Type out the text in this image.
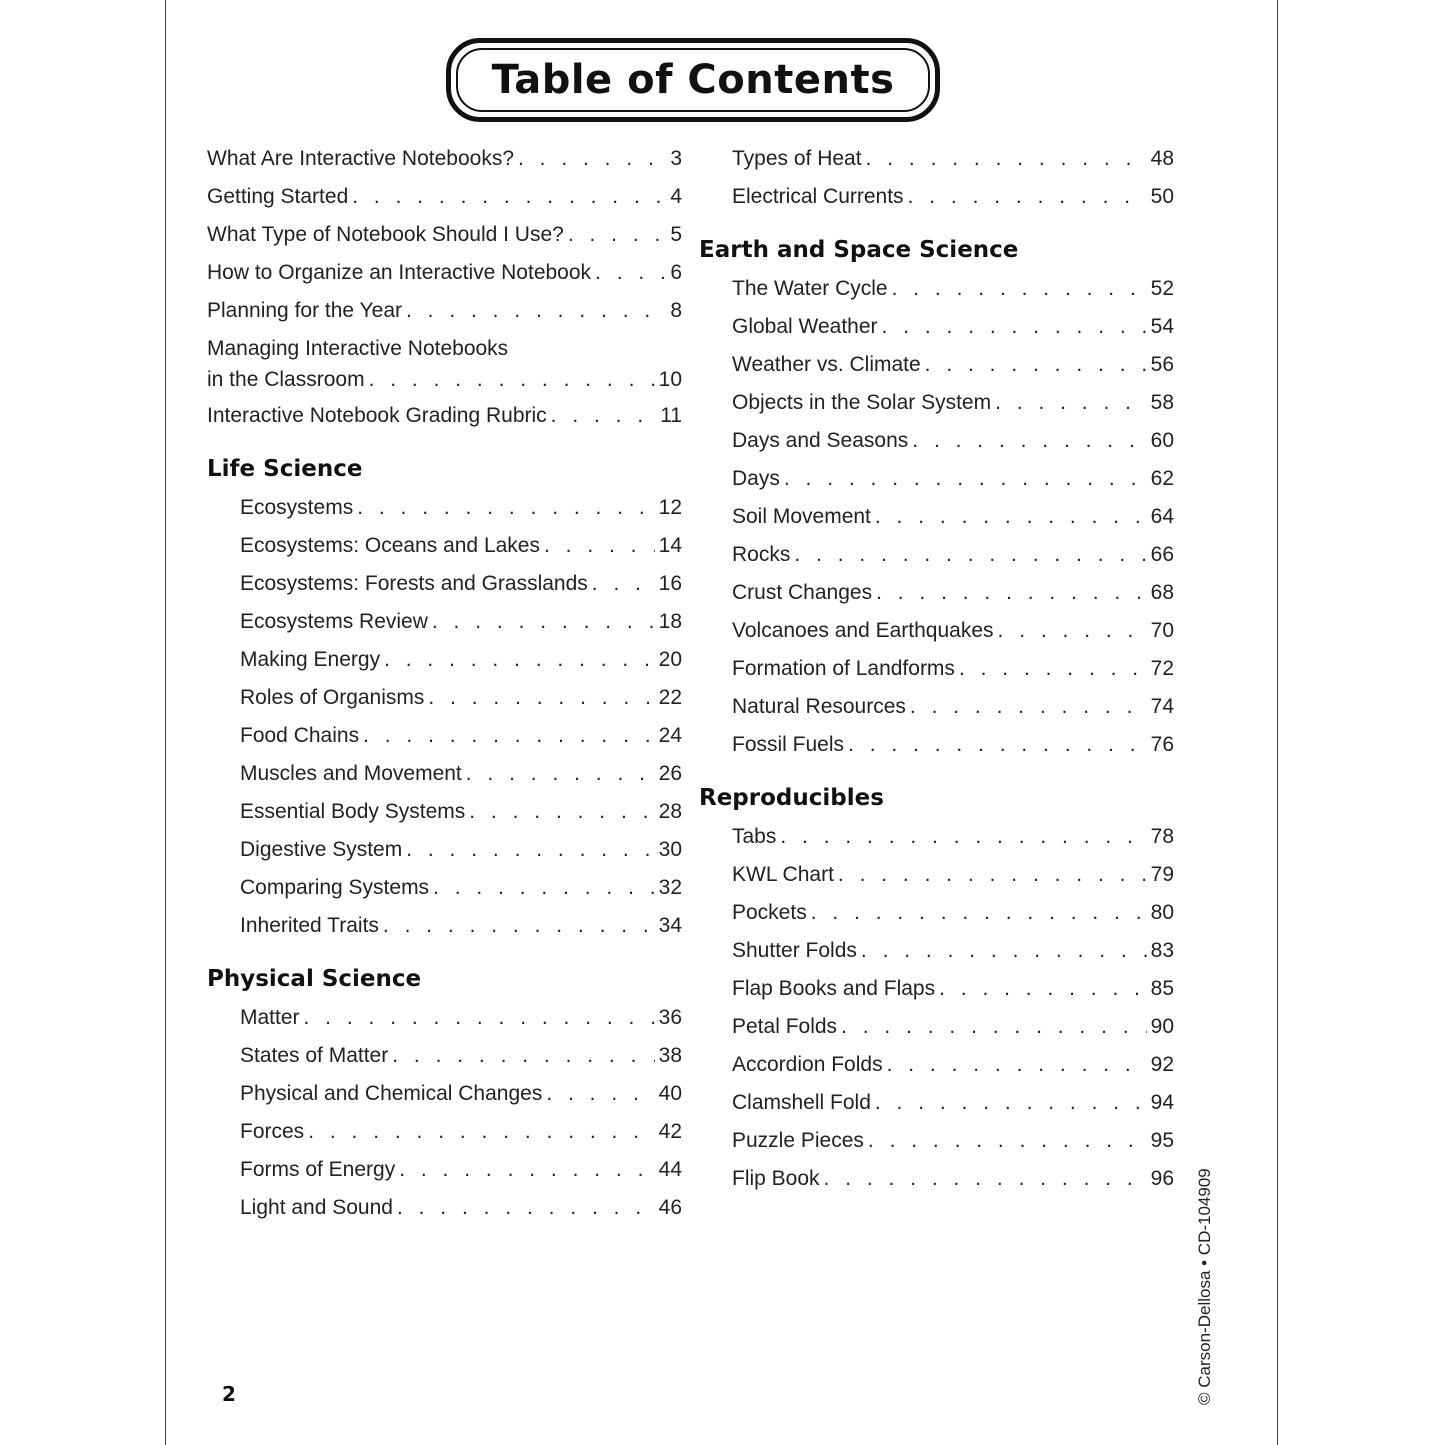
Table of Contents
What Are Interactive Notebooks? . . .	3
Getting Started . . .	4
What Type of Notebook Should I Use? . . .	5
How to Organize an Interactive Notebook . . .	6
Planning for the Year . . .	8
Managing Interactive Notebooks
in the Classroom . . .	10
Interactive Notebook Grading Rubric . . .	11
Life Science
Ecosystems . . .	12
Ecosystems: Oceans and Lakes . . .	14
Ecosystems: Forests and Grasslands . . .	16
Ecosystems Review . . .	18
Making Energy . . .	20
Roles of Organisms . . .	22
Food Chains . . .	24
Muscles and Movement . . .	26
Essential Body Systems . . .	28
Digestive System . . .	30
Comparing Systems . . .	32
Inherited Traits . . .	34
Physical Science
Matter . . .	36
States of Matter . . .	38
Physical and Chemical Changes . . .	40
Forces . . .	42
Forms of Energy . . .	44
Light and Sound . . .	46
Types of Heat . . .	48
Electrical Currents . . .	50
Earth and Space Science
The Water Cycle . . .	52
Global Weather . . .	54
Weather vs. Climate . . .	56
Objects in the Solar System . . .	58
Days and Seasons . . .	60
Days . . .	62
Soil Movement . . .	64
Rocks . . .	66
Crust Changes . . .	68
Volcanoes and Earthquakes . . .	70
Formation of Landforms . . .	72
Natural Resources . . .	74
Fossil Fuels . . .	76
Reproducibles
Tabs . . .	78
KWL Chart . . .	79
Pockets . . .	80
Shutter Folds . . .	83
Flap Books and Flaps . . .	85
Petal Folds . . .	90
Accordion Folds . . .	92
Clamshell Fold . . .	94
Puzzle Pieces . . .	95
Flip Book . . .	96
2	© Carson-Dellosa • CD-104909
